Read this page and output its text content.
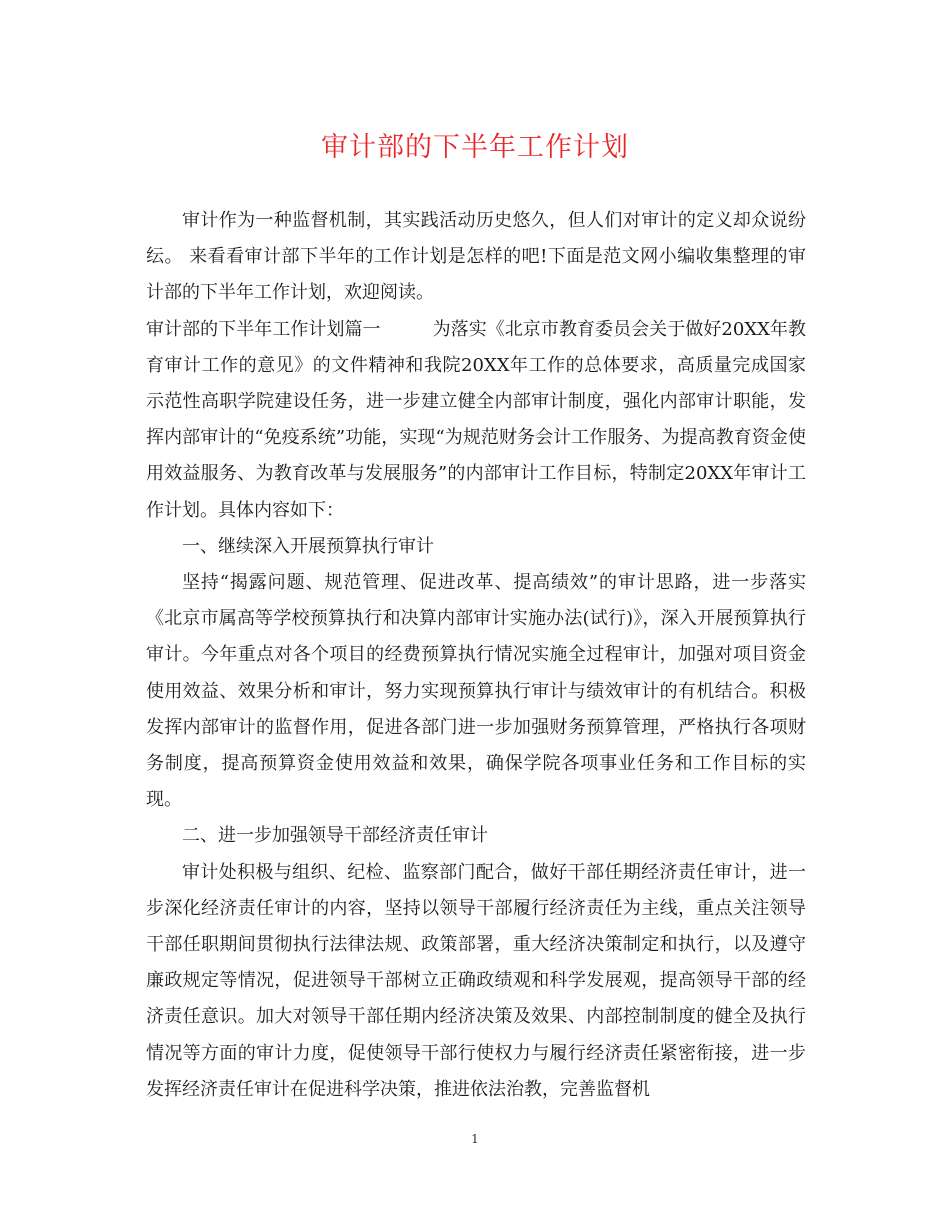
审计部的下半年工作计划

审计作为一种监督机制，其实践活动历史悠久，但人们对审计的定义却众说纷纭。 来看看审计部下半年的工作计划是怎样的吧!下面是范文网小编收集整理的审计部的下半年工作计划，欢迎阅读。

审计部的下半年工作计划篇一	为落实《北京市教育委员会关于做好20XX年教育审计工作的意见》的文件精神和我院20XX年工作的总体要求，高质量完成国家示范性高职学院建设任务，进一步建立健全内部审计制度，强化内部审计职能，发挥内部审计的“免疫系统”功能，实现“为规范财务会计工作服务、为提高教育资金使用效益服务、为教育改革与发展服务”的内部审计工作目标，特制定20XX年审计工作计划。具体内容如下：

一、继续深入开展预算执行审计

坚持“揭露问题、规范管理、促进改革、提高绩效”的审计思路，进一步落实《北京市属高等学校预算执行和决算内部审计实施办法(试行)》，深入开展预算执行审计。今年重点对各个项目的经费预算执行情况实施全过程审计，加强对项目资金使用效益、效果分析和审计，努力实现预算执行审计与绩效审计的有机结合。积极发挥内部审计的监督作用，促进各部门进一步加强财务预算管理，严格执行各项财务制度，提高预算资金使用效益和效果，确保学院各项事业任务和工作目标的实现。

二、进一步加强领导干部经济责任审计

审计处积极与组织、纪检、监察部门配合，做好干部任期经济责任审计，进一步深化经济责任审计的内容，坚持以领导干部履行经济责任为主线，重点关注领导干部任职期间贯彻执行法律法规、政策部署，重大经济决策制定和执行，以及遵守廉政规定等情况，促进领导干部树立正确政绩观和科学发展观，提高领导干部的经济责任意识。加大对领导干部任期内经济决策及效果、内部控制制度的健全及执行情况等方面的审计力度，促使领导干部行使权力与履行经济责任紧密衔接，进一步发挥经济责任审计在促进科学决策，推进依法治教，完善监督机

1
